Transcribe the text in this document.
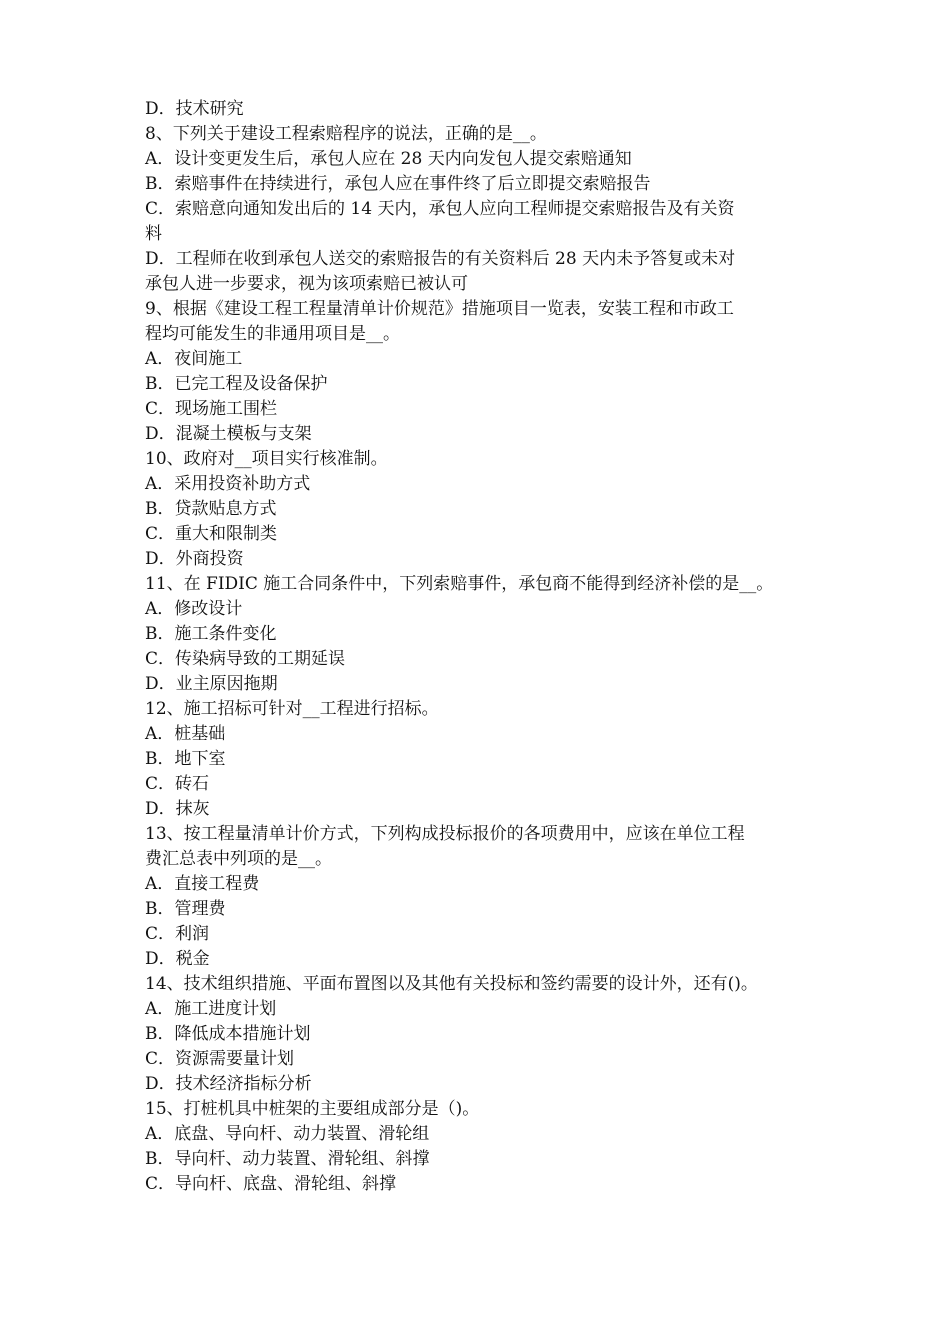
D．技术研究
8、下列关于建设工程索赔程序的说法，正确的是__。
A．设计变更发生后，承包人应在 28 天内向发包人提交索赔通知
B．索赔事件在持续进行，承包人应在事件终了后立即提交索赔报告
C．索赔意向通知发出后的 14 天内，承包人应向工程师提交索赔报告及有关资
料
D．工程师在收到承包人送交的索赔报告的有关资料后 28 天内未予答复或未对
承包人进一步要求，视为该项索赔已被认可
9、根据《建设工程工程量清单计价规范》措施项目一览表，安装工程和市政工
程均可能发生的非通用项目是__。
A．夜间施工
B．已完工程及设备保护
C．现场施工围栏
D．混凝土模板与支架
10、政府对__项目实行核准制。
A．采用投资补助方式
B．贷款贴息方式
C．重大和限制类
D．外商投资
11、在 FIDIC 施工合同条件中，下列索赔事件，承包商不能得到经济补偿的是__。
A．修改设计
B．施工条件变化
C．传染病导致的工期延误
D．业主原因拖期
12、施工招标可针对__工程进行招标。
A．桩基础
B．地下室
C．砖石
D．抹灰
13、按工程量清单计价方式，下列构成投标报价的各项费用中，应该在单位工程
费汇总表中列项的是__。
A．直接工程费
B．管理费
C．利润
D．税金
14、技术组织措施、平面布置图以及其他有关投标和签约需要的设计外，还有()。
A．施工进度计划
B．降低成本措施计划
C．资源需要量计划
D．技术经济指标分析
15、打桩机具中桩架的主要组成部分是（)。
A．底盘、导向杆、动力装置、滑轮组
B．导向杆、动力装置、滑轮组、斜撑
C．导向杆、底盘、滑轮组、斜撑
